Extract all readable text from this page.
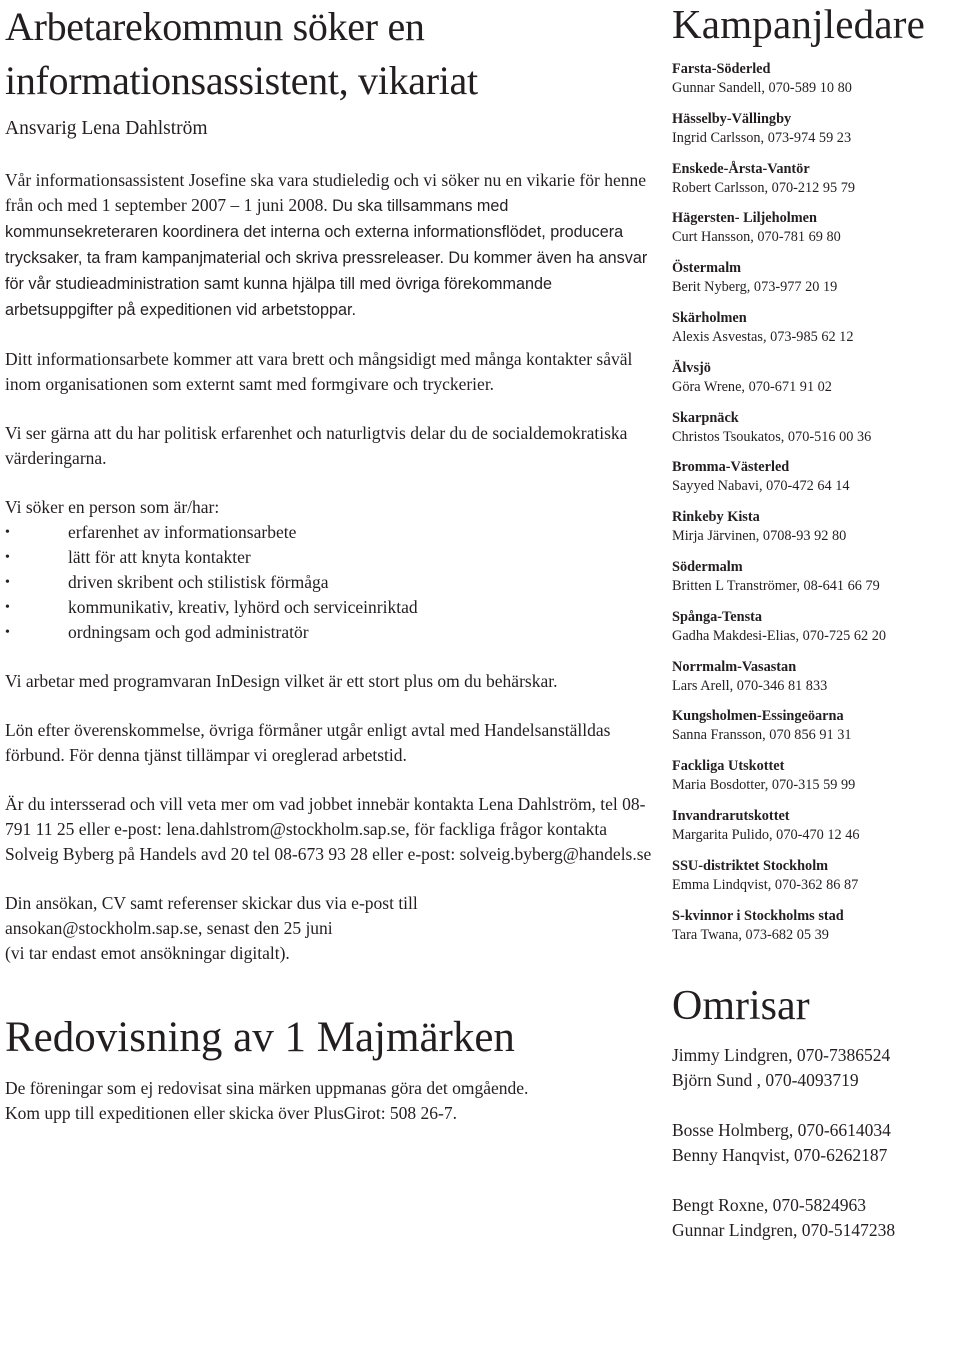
Arbetarekommun söker en
informationsassistent, vikariat
Ansvarig Lena Dahlström

Vår informationsassistent Josefine ska vara studieledig och vi söker nu en vikarie för henne från och med 1 september 2007 – 1 juni 2008. Du ska tillsammans med kommunsekreteraren koordinera det interna och externa informationsflödet, producera trycksaker, ta fram kampanjmaterial och skriva pressreleaser. Du kommer även ha ansvar för vår studieadministration samt kunna hjälpa till med övriga förekommande arbetsuppgifter på expeditionen vid arbetstoppar.

Ditt informationsarbete kommer att vara brett och mångsidigt med många kontakter såväl inom organisationen som externt samt med formgivare och tryckerier.

Vi ser gärna att du har politisk erfarenhet och naturligtvis delar du de socialdemokratiska värderingarna.

Vi söker en person som är/har:

•	erfarenhet av informationsarbete
•	lätt för att knyta kontakter
•	driven skribent och stilistisk förmåga
•	kommunikativ, kreativ, lyhörd och serviceinriktad
•	ordningsam och god administratör

Vi arbetar med programvaran InDesign vilket är ett stort plus om du behärskar.

Lön efter överenskommelse, övriga förmåner utgår enligt avtal med Handelsanställdas förbund. För denna tjänst tillämpar vi oreglerad arbetstid.

Är du intersserad och vill veta mer om vad jobbet innebär kontakta Lena Dahlström, tel 08-791 11 25 eller e-post: lena.dahlstrom@stockholm.sap.se, för fackliga frågor kontakta Solveig Byberg på Handels avd 20 tel 08-673 93 28 eller e-post: solveig.byberg@handels.se

Din ansökan, CV samt referenser skickar dus via e-post till
ansokan@stockholm.sap.se, senast den 25 juni
(vi tar endast emot ansökningar digitalt).

Redovisning av 1 Majmärken
De föreningar som ej redovisat sina märken uppmanas göra det omgående.
Kom upp till expeditionen eller skicka över PlusGirot: 508 26-7.
Kampanjledare
Farsta-Söderled
Gunnar Sandell, 070-589 10 80
Hässelby-Vällingby
Ingrid Carlsson, 073-974 59 23
Enskede-Årsta-Vantör
Robert Carlsson, 070-212 95 79
Hägersten- Liljeholmen
Curt Hansson, 070-781 69 80
Östermalm
Berit Nyberg, 073-977 20 19
Skärholmen
Alexis Asvestas, 073-985 62 12
Älvsjö
Göra Wrene, 070-671 91 02
Skarpnäck
Christos Tsoukatos, 070-516 00 36
Bromma-Västerled
Sayyed Nabavi, 070-472 64 14
Rinkeby Kista
Mirja Järvinen, 0708-93 92 80
Södermalm
Britten L Tranströmer, 08-641 66 79
Spånga-Tensta
Gadha Makdesi-Elias, 070-725 62 20
Norrmalm-Vasastan
Lars Arell, 070-346 81 833
Kungsholmen-Essingeöarna
Sanna Fransson, 070 856 91 31
Fackliga Utskottet
Maria Bosdotter, 070-315 59 99
Invandrarutskottet
Margarita Pulido, 070-470 12 46
SSU-distriktet Stockholm
Emma Lindqvist, 070-362 86 87
S-kvinnor i Stockholms stad
Tara Twana, 073-682 05 39
Omrisar
Jimmy Lindgren, 070-7386524
Björn Sund , 070-4093719
Bosse Holmberg, 070-6614034
Benny Hanqvist, 070-6262187
Bengt Roxne, 070-5824963
Gunnar Lindgren, 070-5147238
